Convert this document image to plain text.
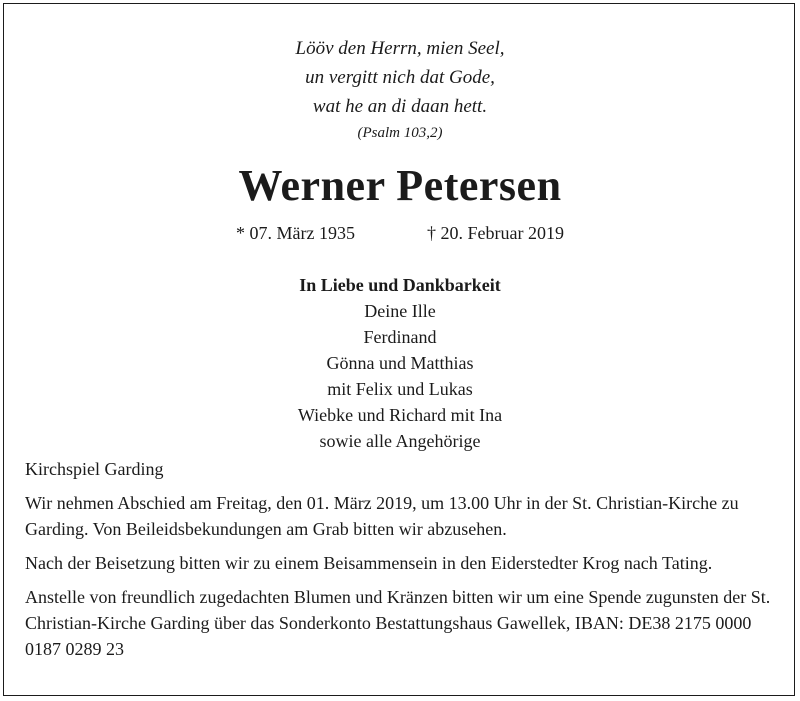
Lööv den Herrn, mien Seel,
un vergitt nich dat Gode,
wat he an di daan hett.
(Psalm 103,2)
Werner Petersen
* 07. März 1935	† 20. Februar 2019
In Liebe und Dankbarkeit
Deine Ille
Ferdinand
Gönna und Matthias
mit Felix und Lukas
Wiebke und Richard mit Ina
sowie alle Angehörige

Kirchspiel Garding

Wir nehmen Abschied am Freitag, den 01. März 2019, um 13.00 Uhr in der St. Christian-Kirche zu Garding. Von Beileidsbekundungen am Grab bitten wir abzusehen.

Nach der Beisetzung bitten wir zu einem Beisammensein in den Eiderstedter Krog nach Tating.

Anstelle von freundlich zugedachten Blumen und Kränzen bitten wir um eine Spende zugunsten der St. Christian-Kirche Garding über das Sonderkonto Bestattungshaus Gawellek, IBAN: DE38 2175 0000 0187 0289 23
